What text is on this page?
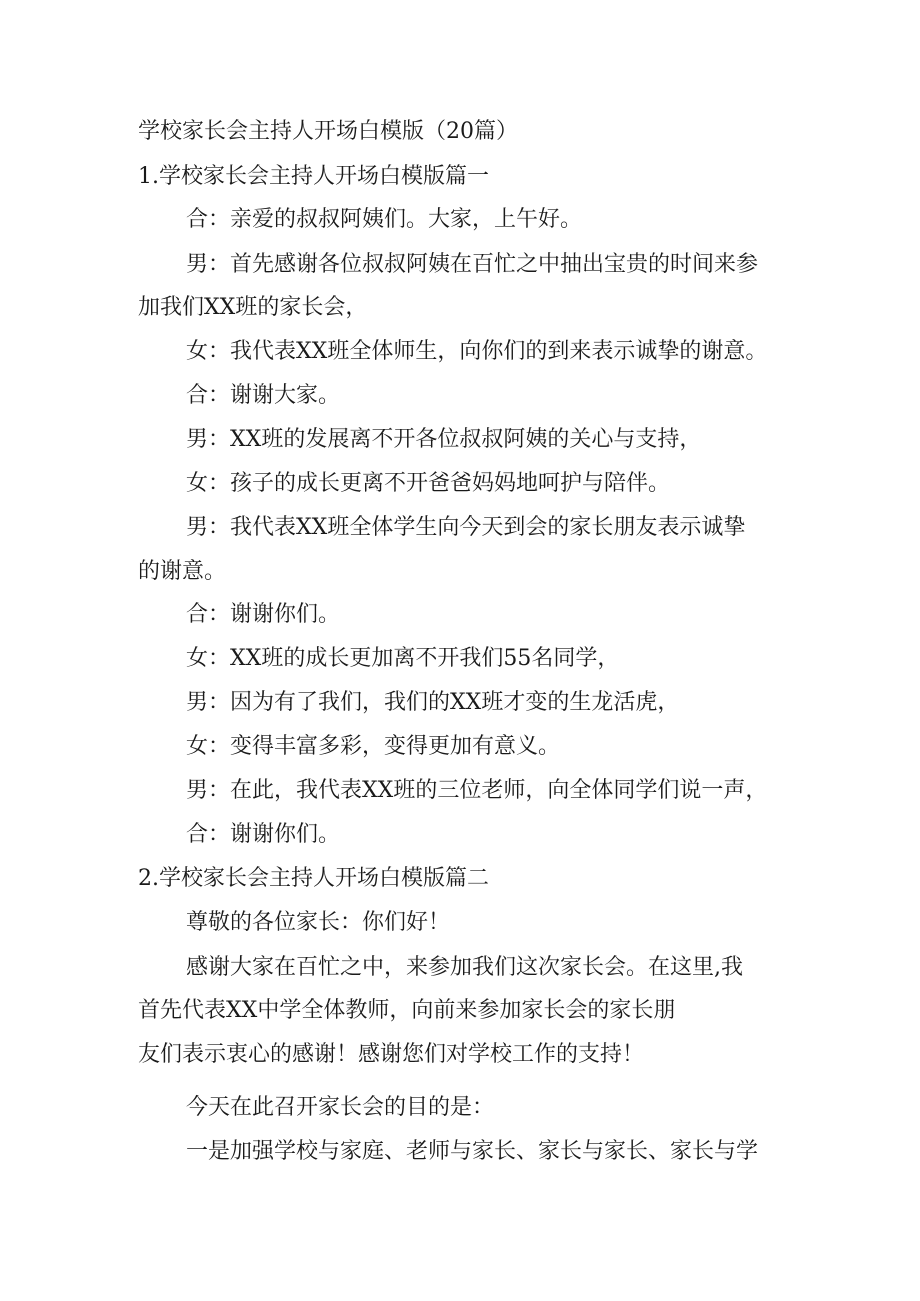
学校家长会主持人开场白模版（20篇）
1.学校家长会主持人开场白模版篇一
合：亲爱的叔叔阿姨们。大家，上午好。
男：首先感谢各位叔叔阿姨在百忙之中抽出宝贵的时间来参
加我们XX班的家长会，
女：我代表XX班全体师生，向你们的到来表示诚挚的谢意。
合：谢谢大家。
男：XX班的发展离不开各位叔叔阿姨的关心与支持，
女：孩子的成长更离不开爸爸妈妈地呵护与陪伴。
男：我代表XX班全体学生向今天到会的家长朋友表示诚挚
的谢意。
合：谢谢你们。
女：XX班的成长更加离不开我们55名同学，
男：因为有了我们，我们的XX班才变的生龙活虎，
女：变得丰富多彩，变得更加有意义。
男：在此，我代表XX班的三位老师，向全体同学们说一声，
合：谢谢你们。
2.学校家长会主持人开场白模版篇二
尊敬的各位家长：你们好！
感谢大家在百忙之中，来参加我们这次家长会。在这里,我
首先代表XX中学全体教师，向前来参加家长会的家长朋
友们表示衷心的感谢！感谢您们对学校工作的支持！
今天在此召开家长会的目的是：
一是加强学校与家庭、老师与家长、家长与家长、家长与学
